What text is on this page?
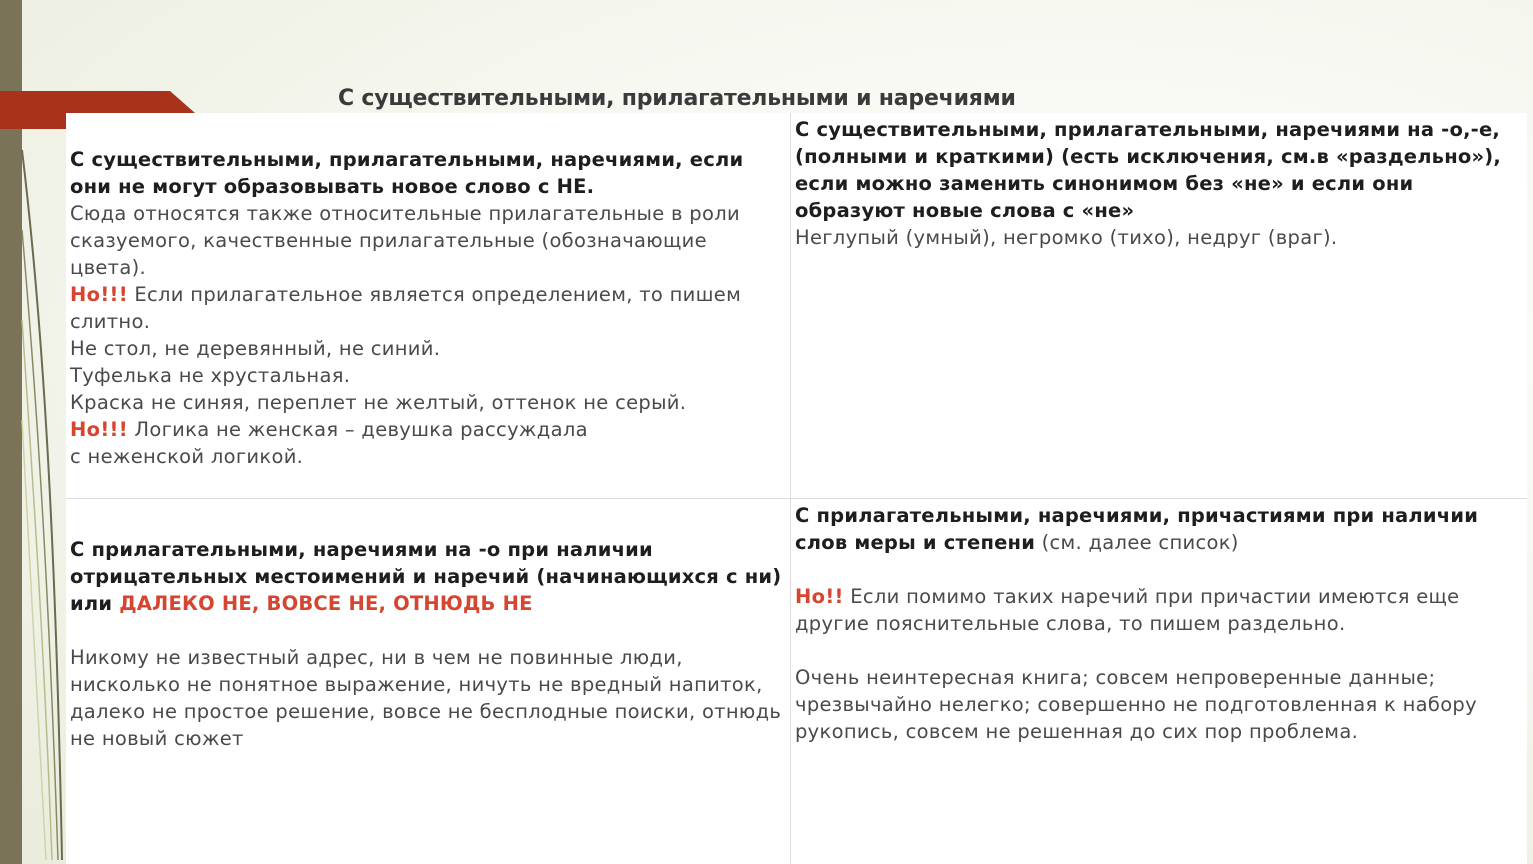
С существительными, прилагательными и наречиями

С существительными, прилагательными, наречиями, если они не могут образовывать новое слово с НЕ.

Сюда относятся также относительные прилагательные в роли сказуемого, качественные прилагательные (обозначающие цвета).

Но!!! Если прилагательное является определением, то пишем слитно.

Не стол, не деревянный, не синий.

Туфелька не хрустальная.

Краска не синяя, переплет не желтый, оттенок не серый.

Но!!! Логика не женская – девушка рассуждала

с неженской логикой.

С существительными, прилагательными, наречиями на -о,-е, (полными и краткими) (есть исключения, см.в «раздельно»), если можно заменить синонимом без «не» и если они образуют новые слова с «не»

Неглупый (умный), негромко (тихо), недруг (враг).

С прилагательными, наречиями на -о при наличии отрицательных местоимений и наречий (начинающихся с ни) или ДАЛЕКО НЕ, ВОВСЕ НЕ, ОТНЮДЬ НЕ

Никому не известный адрес, ни в чем не повинные люди, нисколько не понятное выражение, ничуть не вредный напиток, далеко не простое решение, вовсе не бесплодные поиски, отнюдь не новый сюжет

С прилагательными, наречиями, причастиями при наличии слов меры и степени (см. далее список)

Но!! Если помимо таких наречий при причастии имеются еще другие пояснительные слова, то пишем раздельно.

Очень неинтересная книга; совсем непроверенные данные; чрезвычайно нелегко; совершенно не подготовленная к набору рукопись, совсем не решенная до сих пор проблема.
